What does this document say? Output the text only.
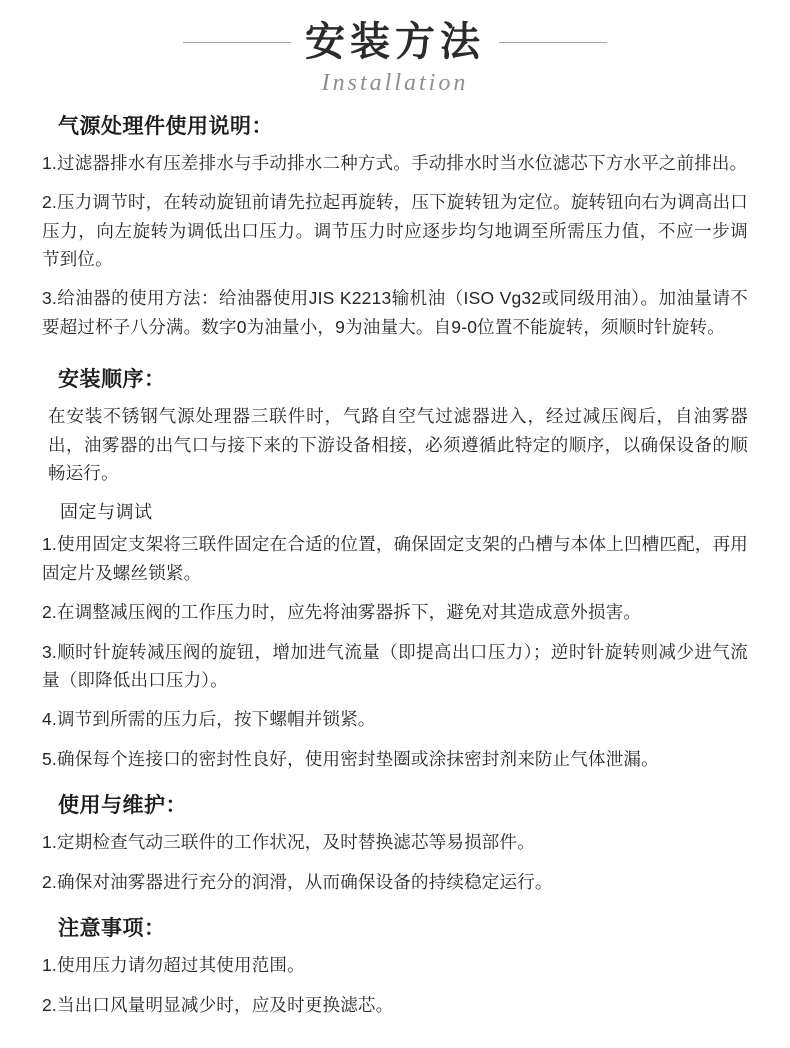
安装方法
Installation
气源处理件使用说明：

1.过滤器排水有压差排水与手动排水二种方式。手动排水时当水位滤芯下方水平之前排出。

2.压力调节时，在转动旋钮前请先拉起再旋转，压下旋转钮为定位。旋转钮向右为调高出口压力，向左旋转为调低出口压力。调节压力时应逐步均匀地调至所需压力值，不应一步调节到位。

3.给油器的使用方法：给油器使用JIS K2213输机油（ISO Vg32或同级用油）。加油量请不要超过杯子八分满。数字0为油量小，9为油量大。自9-0位置不能旋转，须顺时针旋转。

安装顺序：

在安装不锈钢气源处理器三联件时，气路自空气过滤器进入，经过减压阀后，自油雾器出，油雾器的出气口与接下来的下游设备相接，必须遵循此特定的顺序，以确保设备的顺畅运行。

固定与调试

1.使用固定支架将三联件固定在合适的位置，确保固定支架的凸槽与本体上凹槽匹配，再用固定片及螺丝锁紧。

2.在调整减压阀的工作压力时，应先将油雾器拆下，避免对其造成意外损害。

3.顺时针旋转减压阀的旋钮，增加进气流量（即提高出口压力）；逆时针旋转则减少进气流量（即降低出口压力）。

4.调节到所需的压力后，按下螺帽并锁紧。

5.确保每个连接口的密封性良好，使用密封垫圈或涂抹密封剂来防止气体泄漏。

使用与维护：

1.定期检查气动三联件的工作状况，及时替换滤芯等易损部件。

2.确保对油雾器进行充分的润滑，从而确保设备的持续稳定运行。

注意事项：

1.使用压力请勿超过其使用范围。

2.当出口风量明显减少时，应及时更换滤芯。
